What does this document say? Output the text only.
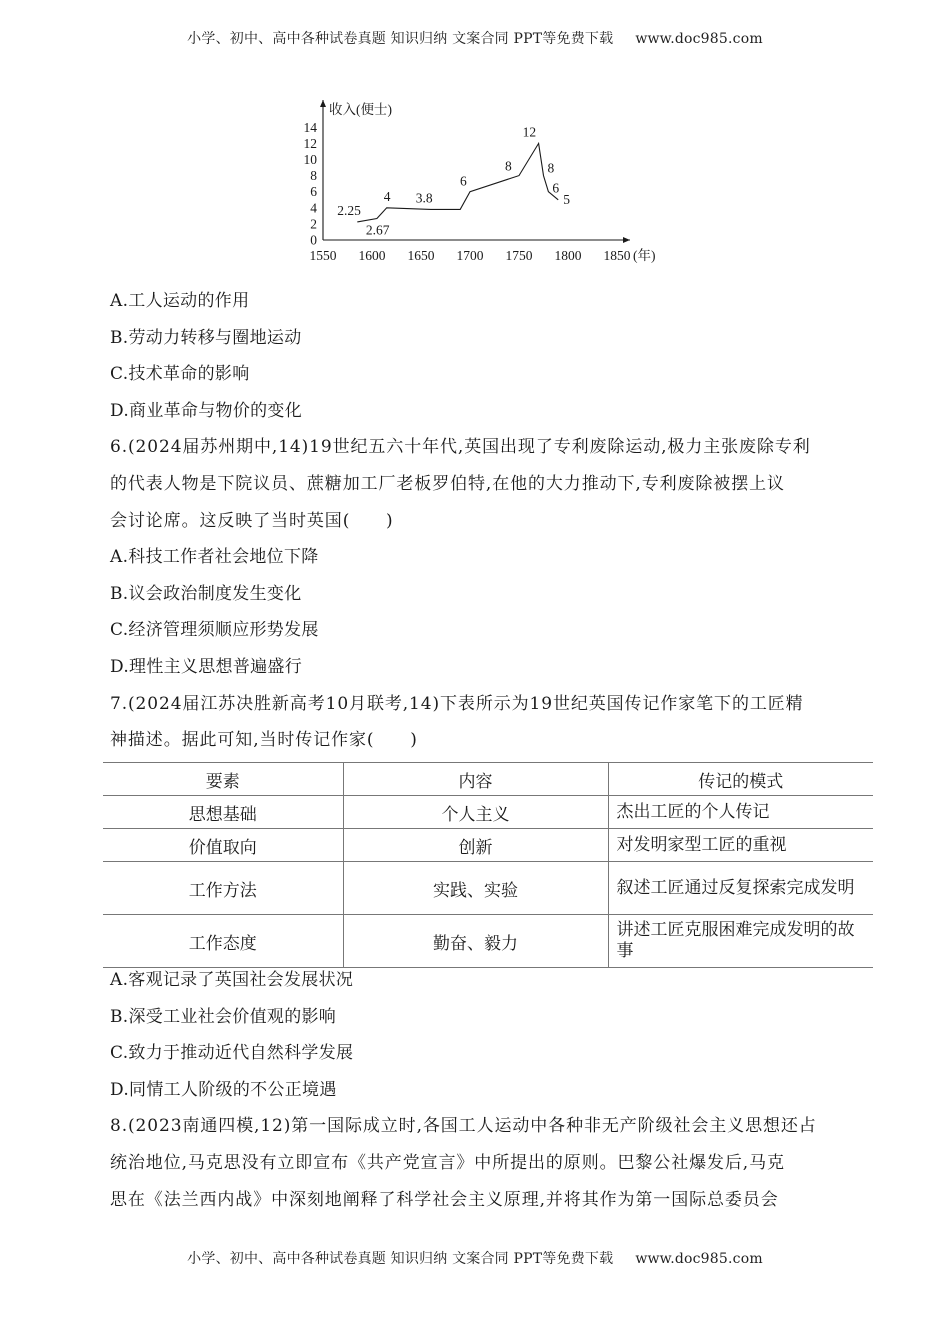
小学、初中、高中各种试卷真题 知识归纳 文案合同 PPT等免费下载 www.doc985.com
收入(便士)
0
2
4
6
8
10
12
14
1550 1600 1650 1700 1750 1800 1850 (年)
2.25
2.67
4 3.8
6
8
12
8
6
5
A.工人运动的作用
B.劳动力转移与圈地运动
C.技术革命的影响
D.商业革命与物价的变化
6.(2024届苏州期中,14)19世纪五六十年代,英国出现了专利废除运动,极力主张废除专利
的代表人物是下院议员、蔗糖加工厂老板罗伯特,在他的大力推动下,专利废除被摆上议
会讨论席。这反映了当时英国(　　)
A.科技工作者社会地位下降
B.议会政治制度发生变化
C.经济管理须顺应形势发展
D.理性主义思想普遍盛行
7.(2024届江苏决胜新高考10月联考,14)下表所示为19世纪英国传记作家笔下的工匠精
神描述。据此可知,当时传记作家(　　)
要素	内容	传记的模式
思想基础	个人主义	杰出工匠的个人传记
价值取向	创新	对发明家型工匠的重视
工作方法	实践、实验	叙述工匠通过反复探索完成发明
工作态度	勤奋、毅力	讲述工匠克服困难完成发明的故事
A.客观记录了英国社会发展状况
B.深受工业社会价值观的影响
C.致力于推动近代自然科学发展
D.同情工人阶级的不公正境遇
8.(2023南通四模,12)第一国际成立时,各国工人运动中各种非无产阶级社会主义思想还占
统治地位,马克思没有立即宣布《共产党宣言》中所提出的原则。巴黎公社爆发后,马克
思在《法兰西内战》中深刻地阐释了科学社会主义原理,并将其作为第一国际总委员会
小学、初中、高中各种试卷真题 知识归纳 文案合同 PPT等免费下载 www.doc985.com
